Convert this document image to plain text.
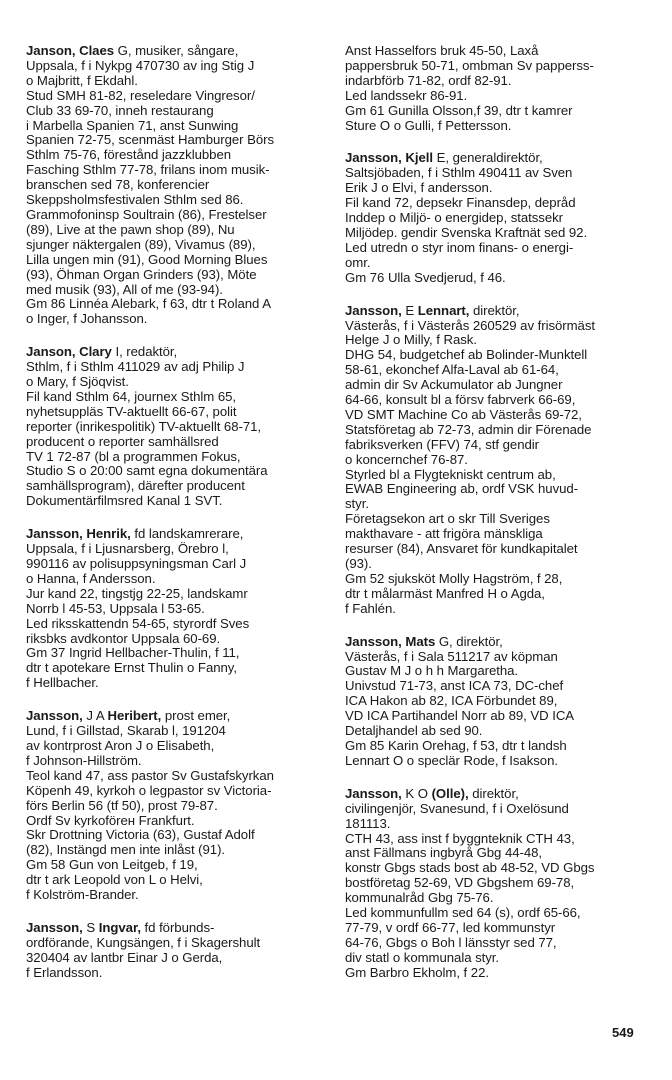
Janson, Claes G, musiker, sångare,
Uppsala, f i Nykpg 470730 av ing Stig J
o Majbritt, f Ekdahl.
Stud SMH 81-82, reseledare Vingresor/
Club 33 69-70, inneh restaurang
i Marbella Spanien 71, anst Sunwing
Spanien 72-75, scenmäst Hamburger Börs
Sthlm 75-76, förestånd jazzklubben
Fasching Sthlm 77-78, frilans inom musik-
branschen sed 78, konferencier
Skeppsholmsfestivalen Sthlm sed 86.
Grammofoninsp Soultrain (86), Frestelser
(89), Live at the pawn shop (89), Nu
sjunger näktergalen (89), Vivamus (89),
Lilla ungen min (91), Good Morning Blues
(93), Öhman Organ Grinders (93), Möte
med musik (93), All of me (93-94).
Gm 86 Linnéa Alebark, f 63, dtr t Roland A
o Inger, f Johansson.
Janson, Clary I, redaktör,
Sthlm, f i Sthlm 411029 av adj Philip J
o Mary, f Sjöqvist.
Fil kand Sthlm 64, journex Sthlm 65,
nyhetsuppläs TV-aktuellt 66-67, polit
reporter (inrikespolitik) TV-aktuellt 68-71,
producent o reporter samhällsred
TV 1 72-87 (bl a programmen Fokus,
Studio S o 20:00 samt egna dokumentära
samhällsprogram), därefter producent
Dokumentärfilmsred Kanal 1 SVT.
Jansson, Henrik, fd landskamrerare,
Uppsala, f i Ljusnarsberg, Örebro l,
990116 av polisuppsyningsman Carl J
o Hanna, f Andersson.
Jur kand 22, tingstjg 22-25, landskamr
Norrb l 45-53, Uppsala l 53-65.
Led riksskattendn 54-65, styrordf Sves
riksbks avdkontor Uppsala 60-69.
Gm 37 Ingrid Hellbacher-Thulin, f 11,
dtr t apotekare Ernst Thulin o Fanny,
f Hellbacher.
Jansson, J A Heribert, prost emer,
Lund, f i Gillstad, Skarab l, 191204
av kontrprost Aron J o Elisabeth,
f Johnson-Hillström.
Teol kand 47, ass pastor Sv Gustafskyrkan
Köpenh 49, kyrkoh o legpastor sv Victoria-
förs Berlin 56 (tf 50), prost 79-87.
Ordf Sv kyrkoförен Frankfurt.
Skr Drottning Victoria (63), Gustaf Adolf
(82), Instängd men inte inlåst (91).
Gm 58 Gun von Leitgeb, f 19,
dtr t ark Leopold von L o Helvi,
f Kolström-Brander.
Jansson, S Ingvar, fd förbunds-
ordförande, Kungsängen, f i Skagershult
320404 av lantbr Einar J o Gerda,
f Erlandsson.
Anst Hasselfors bruk 45-50, Laxå
pappersbruk 50-71, ombman Sv papperss-
indarbförb 71-82, ordf 82-91.
Led landssekr 86-91.
Gm 61 Gunilla Olsson,f 39, dtr t kamrer
Sture O o Gulli, f Pettersson.
Jansson, Kjell E, generaldirektör,
Saltsjöbaden, f i Sthlm 490411 av Sven
Erik J o Elvi, f andersson.
Fil kand 72, depsekr Finansdep, depråd
Inddep o Miljö- o energidep, statssekr
Miljödep. gendir Svenska Kraftnät sed 92.
Led utredn o styr inom finans- o energi-
omr.
Gm 76 Ulla Svedjerud, f 46.
Jansson, E Lennart, direktör,
Västerås, f i Västerås 260529 av frisörmäst
Helge J o Milly, f Rask.
DHG 54, budgetchef ab Bolinder-Munktell
58-61, ekonchef Alfa-Laval ab 61-64,
admin dir Sv Ackumulator ab Jungner
64-66, konsult bl a försv fabrverk 66-69,
VD SMT Machine Co ab Västerås 69-72,
Statsföretag ab 72-73, admin dir Förenade
fabriksverken (FFV) 74, stf gendir
o koncernchef 76-87.
Styrled bl a Flygtekniskt centrum ab,
EWAB Engineering ab, ordf VSK huvud-
styr.
Företagsekon art o skr Till Sveriges
makthavare - att frigöra mänskliga
resurser (84), Ansvaret för kundkapitalet
(93).
Gm 52 sjuksköt Molly Hagström, f 28,
dtr t målarmäst Manfred H o Agda,
f Fahlén.
Jansson, Mats G, direktör,
Västerås, f i Sala 511217 av köpman
Gustav M J o h h Margaretha.
Univstud 71-73, anst ICA 73, DC-chef
ICA Hakon ab 82, ICA Förbundet 89,
VD ICA Partihandel Norr ab 89, VD ICA
Detaljhandel ab sed 90.
Gm 85 Karin Orehag, f 53, dtr t landsh
Lennart O o speclär Rode, f Isakson.
Jansson, K O (Olle), direktör,
civilingenjör, Svanesund, f i Oxelösund
181113.
CTH 43, ass inst f byggnteknik CTH 43,
anst Fällmans ingbyrå Gbg 44-48,
konstr Gbgs stads bost ab 48-52, VD Gbgs
bostföretag 52-69, VD Gbgshem 69-78,
kommunalråd Gbg 75-76.
Led kommunfullm sed 64 (s), ordf 65-66,
77-79, v ordf 66-77, led kommunstyr
64-76, Gbgs o Boh l länsstyr sed 77,
div statl o kommunala styr.
Gm Barbro Ekholm, f 22.
549
